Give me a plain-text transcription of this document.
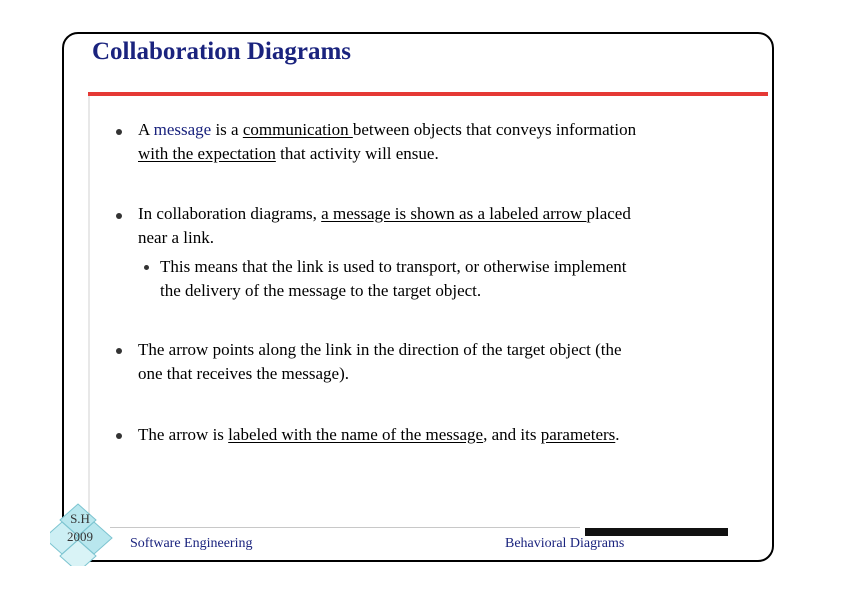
Collaboration Diagrams
A message is a communication between objects that conveys information
with the expectation that activity will ensue.
In collaboration diagrams, a message is shown as a labeled arrow placed
near a link.
This means that the link is used to transport, or otherwise implement
the delivery of the message to the target object.
The arrow points along the link in the direction of the target object (the
one that receives the message).
The arrow is labeled with the name of the message, and its parameters.
Software Engineering	Behavioral Diagrams
S.H
2009
